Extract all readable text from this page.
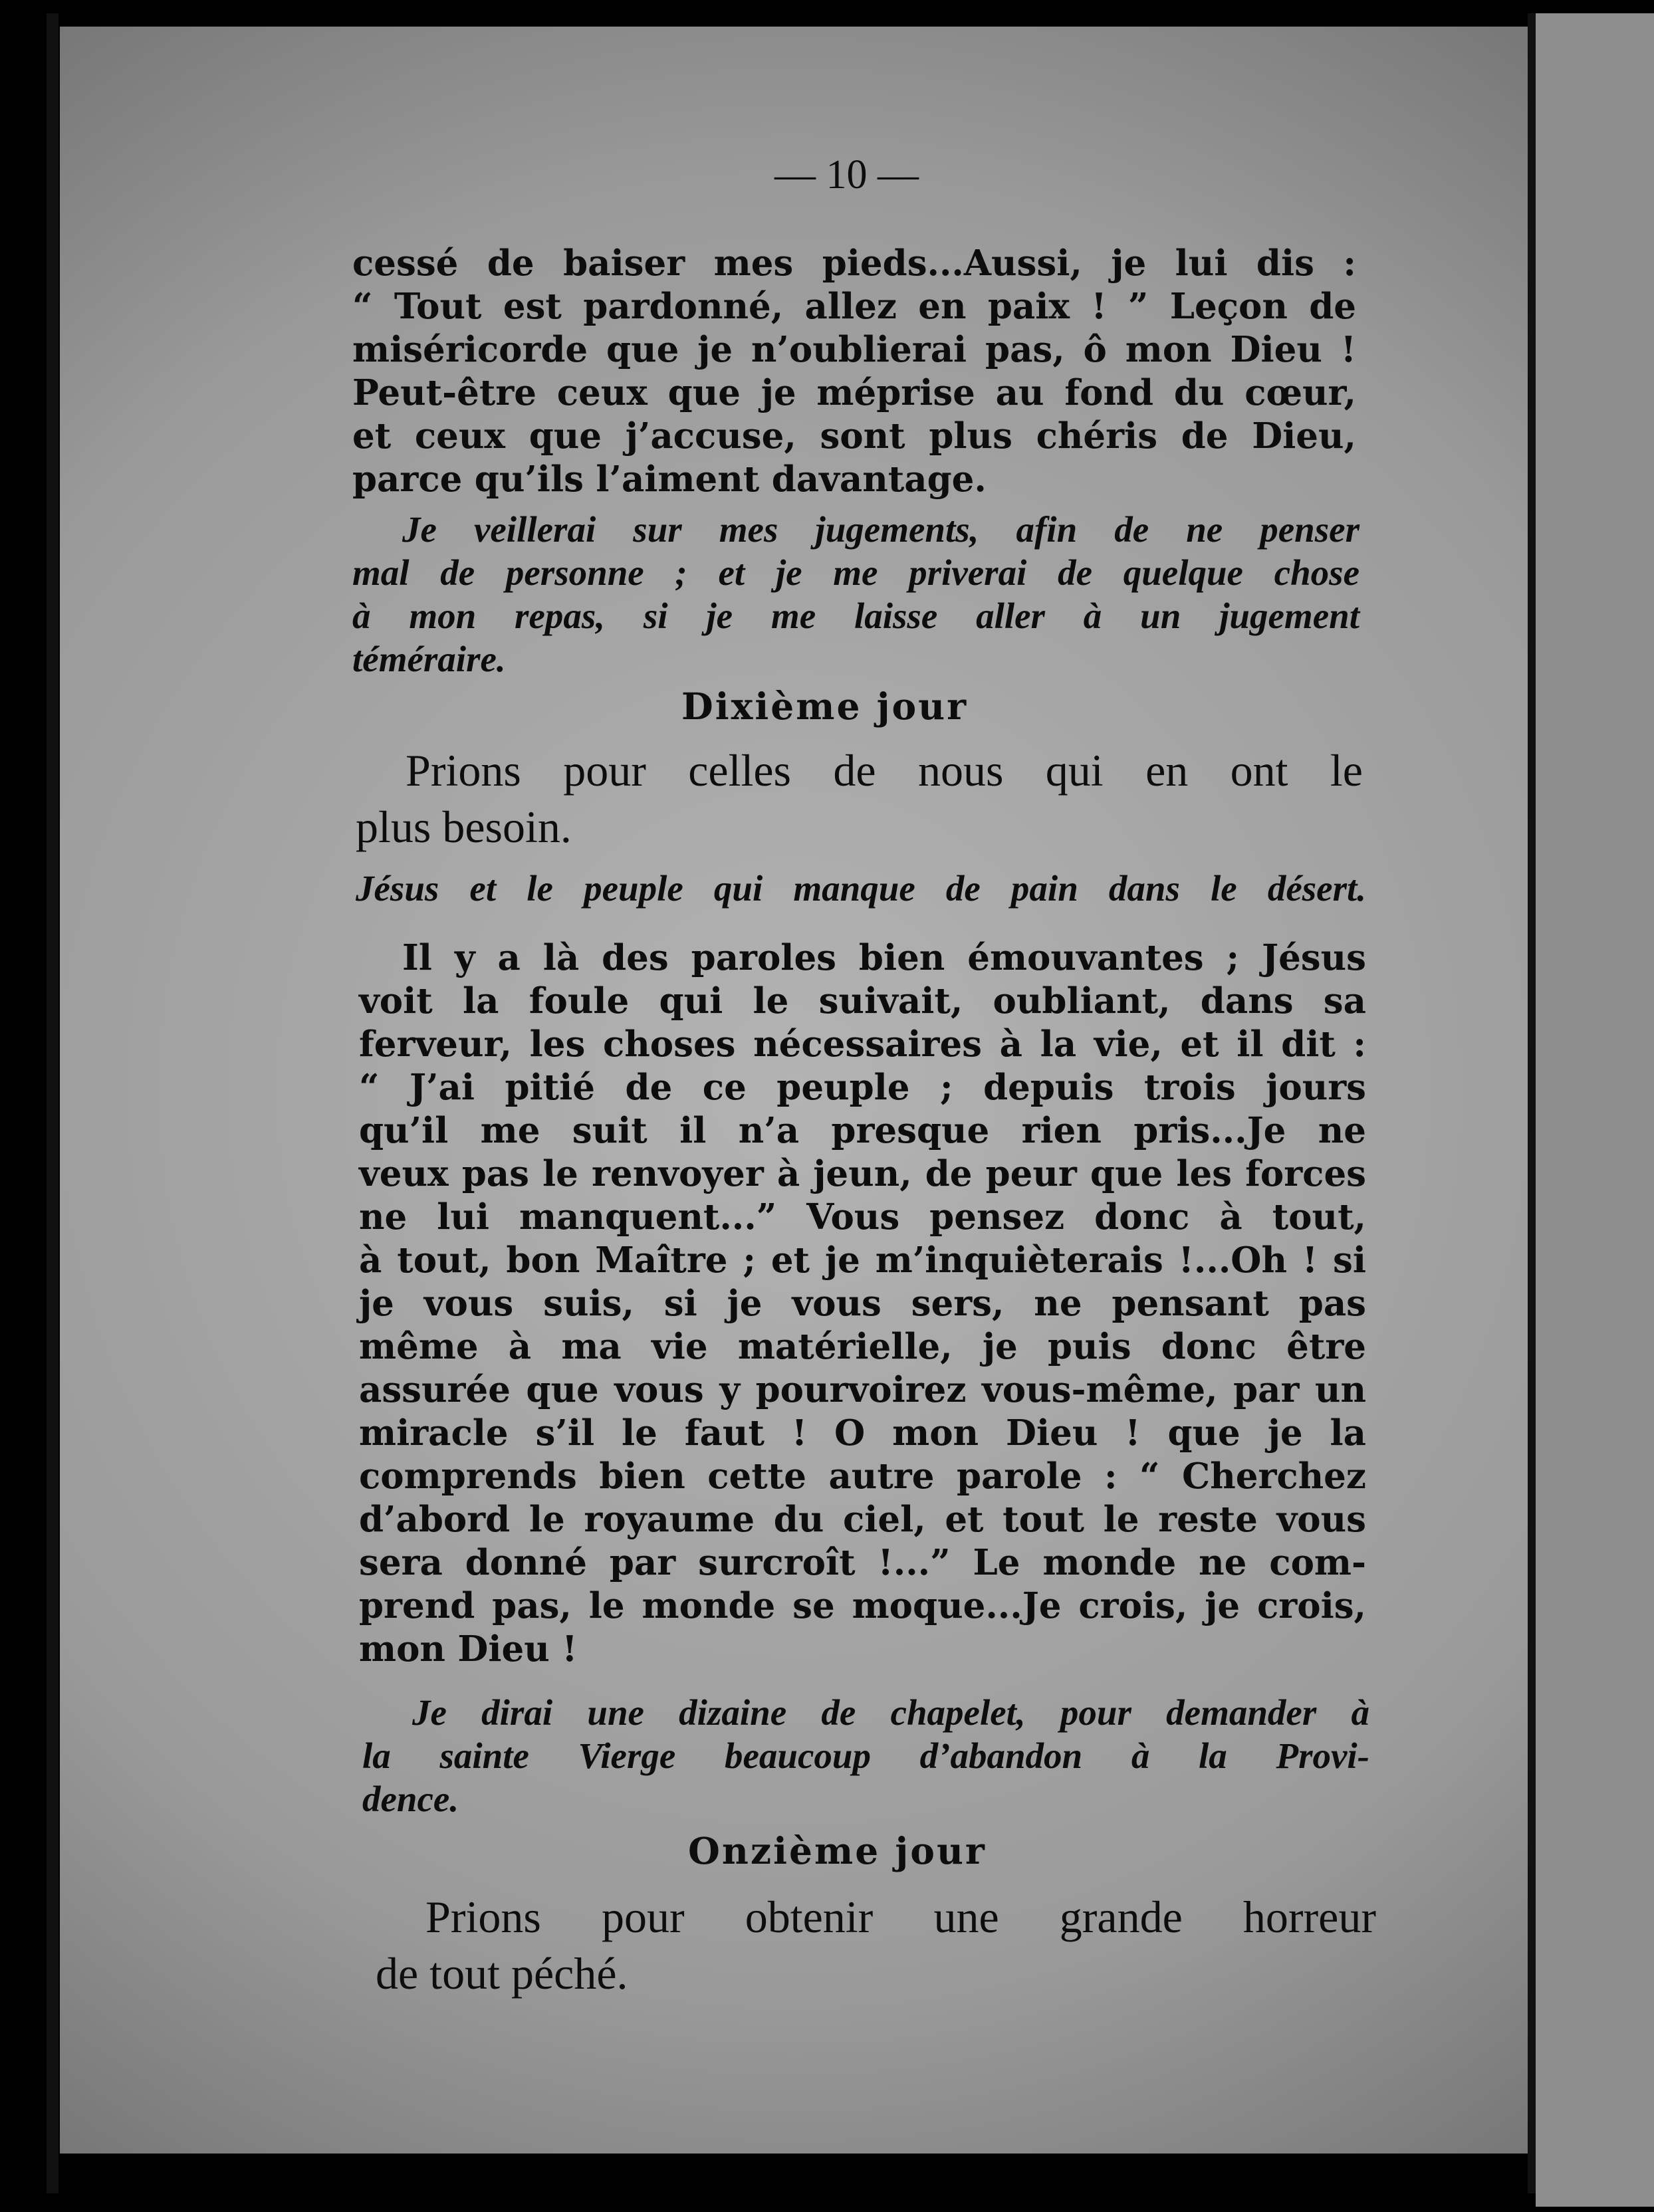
— 10 —
cessé de baiser mes pieds...Aussi, je lui dis :
“ Tout est pardonné, allez en paix ! ” Leçon de
miséricorde que je n’oublierai pas, ô mon Dieu !
Peut-être ceux que je méprise au fond du cœur,
et ceux que j’accuse, sont plus chéris de Dieu,
parce qu’ils l’aiment davantage.
Je veillerai sur mes jugements, afin de ne penser
mal de personne ; et je me priverai de quelque chose
à mon repas, si je me laisse aller à un jugement
téméraire.
Dixième jour
Prions pour celles de nous qui en ont le
plus besoin.
Jésus et le peuple qui manque de pain dans le désert.
Il y a là des paroles bien émouvantes ; Jésus
voit la foule qui le suivait, oubliant, dans sa
ferveur, les choses nécessaires à la vie, et il dit :
“ J’ai pitié de ce peuple ; depuis trois jours
qu’il me suit il n’a presque rien pris...Je ne
veux pas le renvoyer à jeun, de peur que les forces
ne lui manquent...” Vous pensez donc à tout,
à tout, bon Maître ; et je m’inquièterais !...Oh ! si
je vous suis, si je vous sers, ne pensant pas
même à ma vie matérielle, je puis donc être
assurée que vous y pourvoirez vous-même, par un
miracle s’il le faut ! O mon Dieu ! que je la
comprends bien cette autre parole : “ Cherchez
d’abord le royaume du ciel, et tout le reste vous
sera donné par surcroît !...” Le monde ne com-
prend pas, le monde se moque...Je crois, je crois,
mon Dieu !
Je dirai une dizaine de chapelet, pour demander à
la sainte Vierge beaucoup d’abandon à la Provi-
dence.
Onzième jour
Prions pour obtenir une grande horreur
de tout péché.
